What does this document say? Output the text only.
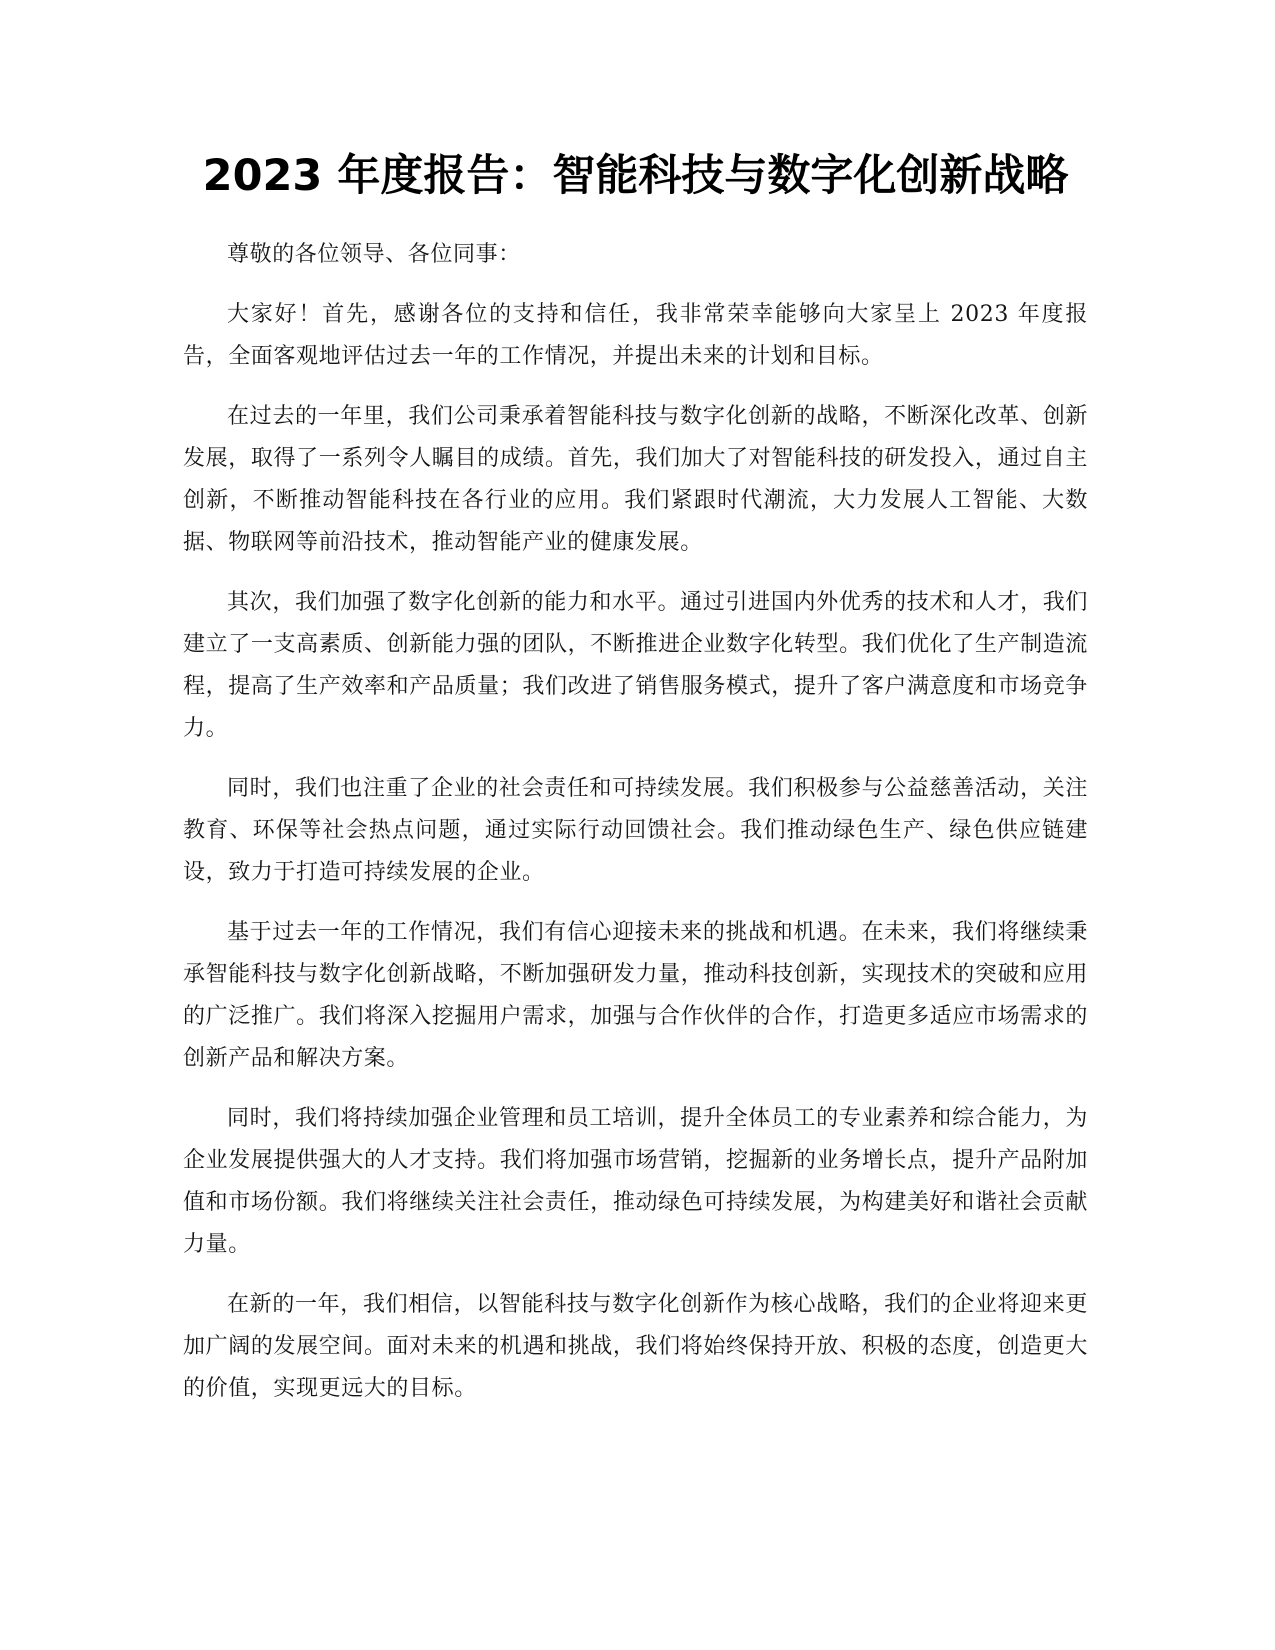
2023 年度报告：智能科技与数字化创新战略

尊敬的各位领导、各位同事：

大家好！首先，感谢各位的支持和信任，我非常荣幸能够向大家呈上 2023 年度报告，全面客观地评估过去一年的工作情况，并提出未来的计划和目标。

在过去的一年里，我们公司秉承着智能科技与数字化创新的战略，不断深化改革、创新发展，取得了一系列令人瞩目的成绩。首先，我们加大了对智能科技的研发投入，通过自主创新，不断推动智能科技在各行业的应用。我们紧跟时代潮流，大力发展人工智能、大数据、物联网等前沿技术，推动智能产业的健康发展。

其次，我们加强了数字化创新的能力和水平。通过引进国内外优秀的技术和人才，我们建立了一支高素质、创新能力强的团队，不断推进企业数字化转型。我们优化了生产制造流程，提高了生产效率和产品质量；我们改进了销售服务模式，提升了客户满意度和市场竞争力。

同时，我们也注重了企业的社会责任和可持续发展。我们积极参与公益慈善活动，关注教育、环保等社会热点问题，通过实际行动回馈社会。我们推动绿色生产、绿色供应链建设，致力于打造可持续发展的企业。

基于过去一年的工作情况，我们有信心迎接未来的挑战和机遇。在未来，我们将继续秉承智能科技与数字化创新战略，不断加强研发力量，推动科技创新，实现技术的突破和应用的广泛推广。我们将深入挖掘用户需求，加强与合作伙伴的合作，打造更多适应市场需求的创新产品和解决方案。

同时，我们将持续加强企业管理和员工培训，提升全体员工的专业素养和综合能力，为企业发展提供强大的人才支持。我们将加强市场营销，挖掘新的业务增长点，提升产品附加值和市场份额。我们将继续关注社会责任，推动绿色可持续发展，为构建美好和谐社会贡献力量。

在新的一年，我们相信，以智能科技与数字化创新作为核心战略，我们的企业将迎来更加广阔的发展空间。面对未来的机遇和挑战，我们将始终保持开放、积极的态度，创造更大的价值，实现更远大的目标。
